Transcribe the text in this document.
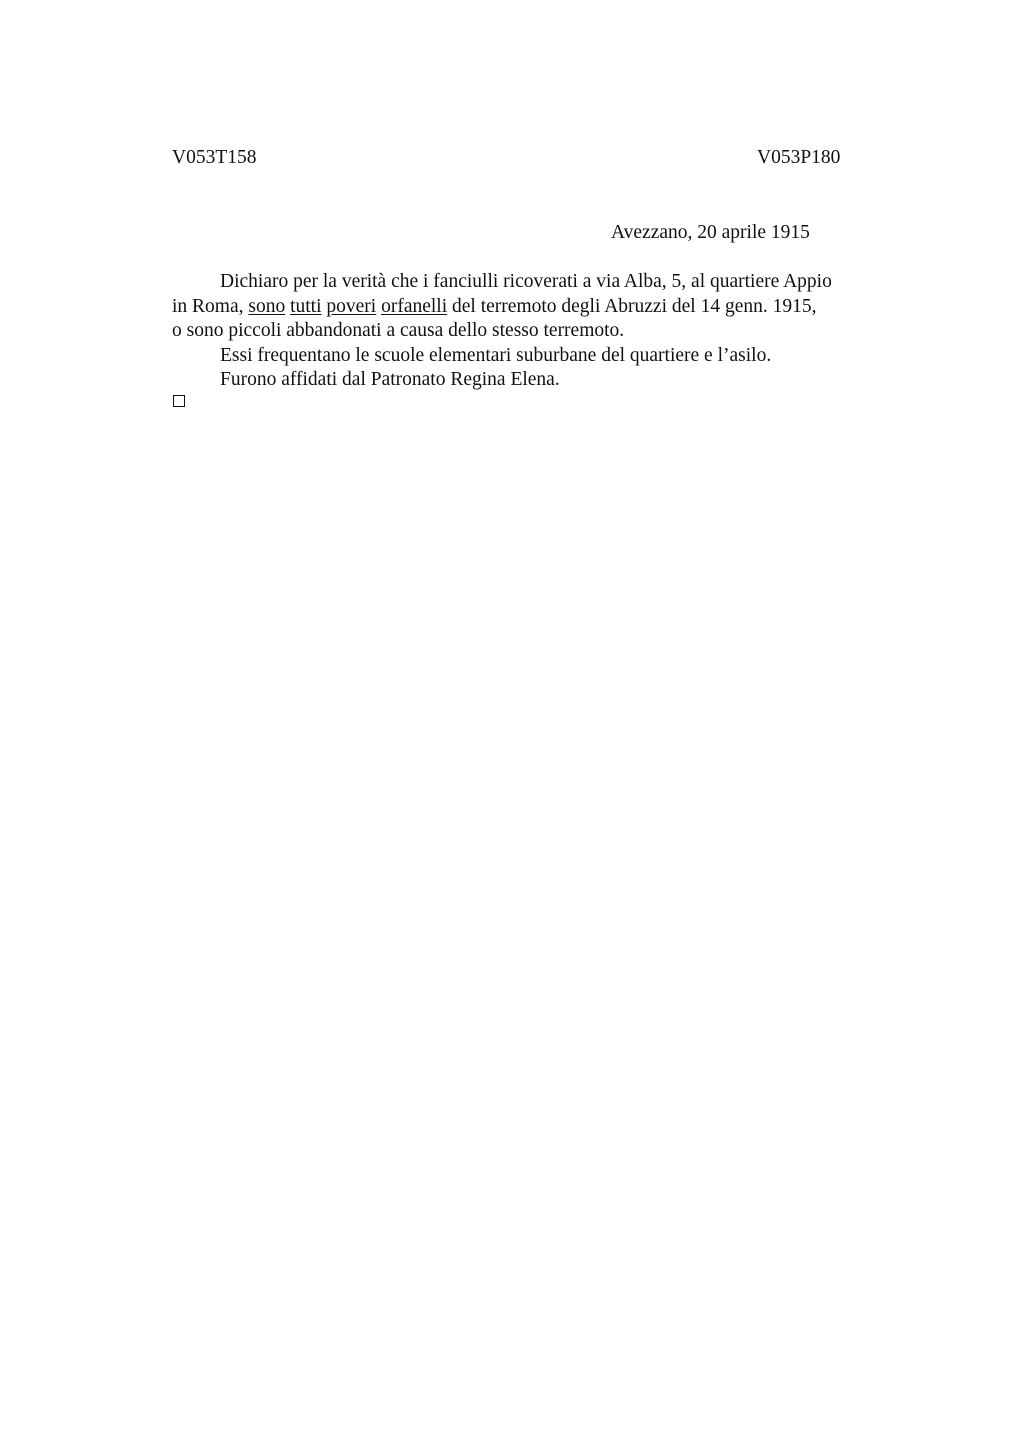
V053T158	V053P180
Avezzano, 20 aprile 1915
Dichiaro per la verità che i fanciulli ricoverati a via Alba, 5, al quartiere Appio
in Roma, sono tutti poveri orfanelli del terremoto degli Abruzzi del 14 genn. 1915,
o sono piccoli abbandonati a causa dello stesso terremoto.
Essi frequentano le scuole elementari suburbane del quartiere e l’asilo.
Furono affidati dal Patronato Regina Elena.
